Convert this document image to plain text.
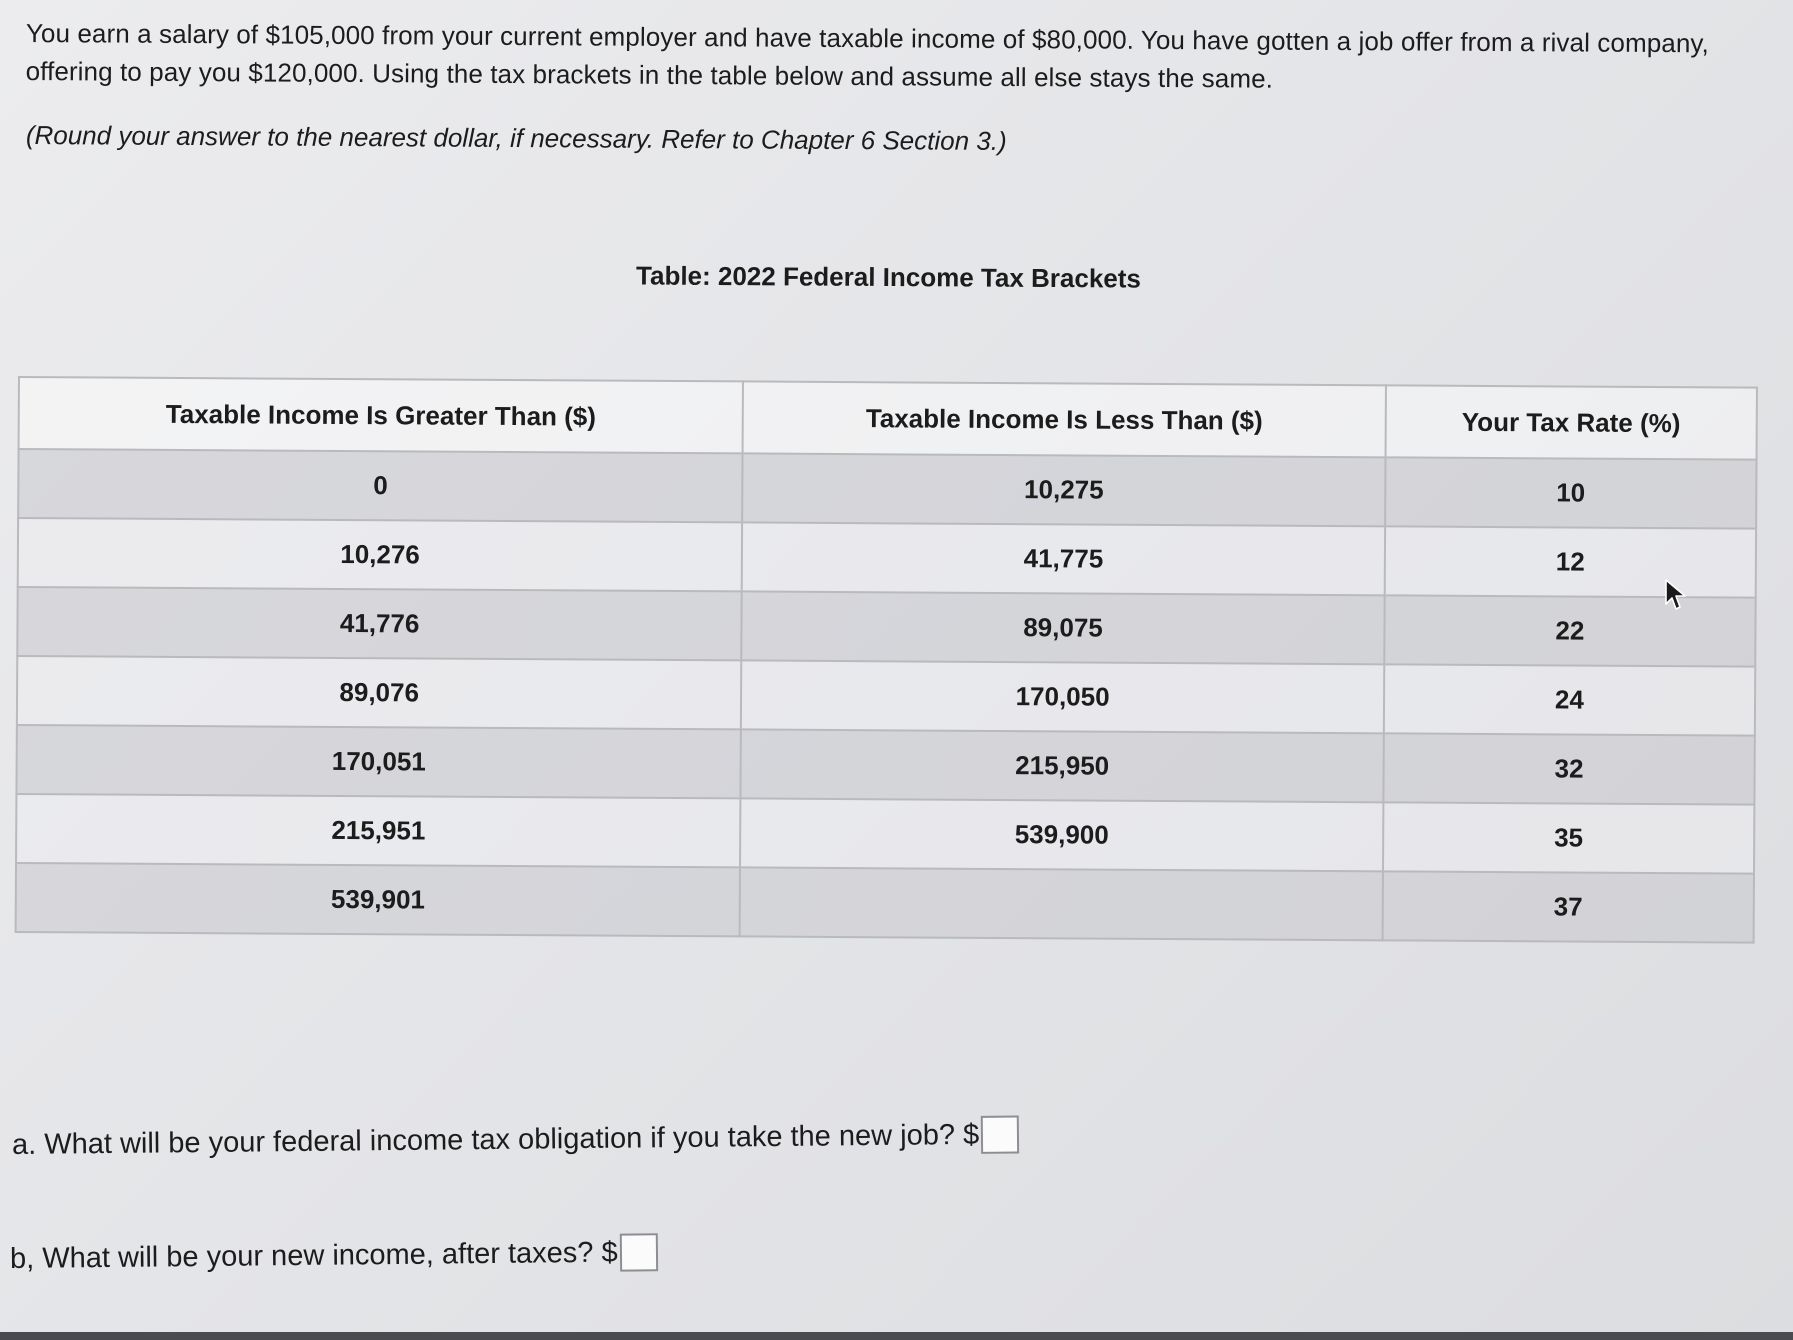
You earn a salary of $105,000 from your current employer and have taxable income of $80,000. You have gotten a job offer from a rival company, offering to pay you $120,000. Using the tax brackets in the table below and assume all else stays the same.

(Round your answer to the nearest dollar, if necessary. Refer to Chapter 6 Section 3.)

Table: 2022 Federal Income Tax Brackets

Taxable Income Is Greater Than ($)	Taxable Income Is Less Than ($)	Your Tax Rate (%)
0	10,275	10
10,276	41,775	12
41,776	89,075	22
89,076	170,050	24
170,051	215,950	32
215,951	539,900	35
539,901		37
a.
What will be your federal income tax obligation if you take the new job?
$
b,
What will be your new income, after taxes?
$
